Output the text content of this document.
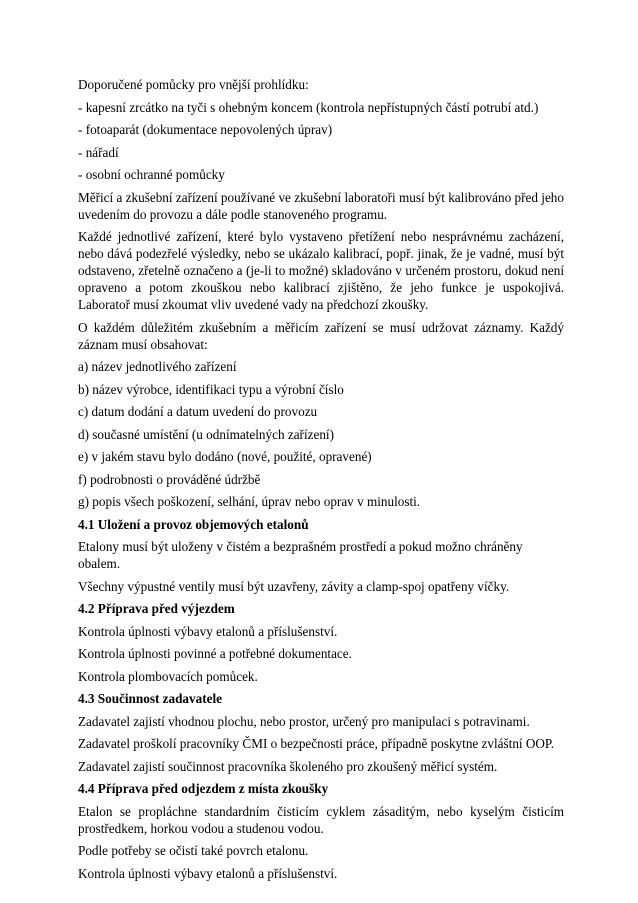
Doporučené pomůcky pro vnější prohlídku:

- kapesní zrcátko na tyči s ohebným koncem (kontrola nepřístupných částí potrubí atd.)

- fotoaparát (dokumentace nepovolených úprav)

- nářadí

- osobní ochranné pomůcky

Měřicí a zkušební zařízení používané ve zkušební laboratoři musí být kalibrováno před jeho uvedením do provozu a dále podle stanoveného programu.

Každé jednotlivé zařízení, které bylo vystaveno přetížení nebo nesprávnému zacházení, nebo dává podezřelé výsledky, nebo se ukázalo kalibrací, popř. jinak, že je vadné, musí být odstaveno, zřetelně označeno a (je-li to možné) skladováno v určeném prostoru, dokud není opraveno a potom zkouškou nebo kalibrací zjištěno, že jeho funkce je uspokojivá. Laboratoř musí zkoumat vliv uvedené vady na předchozí zkoušky.

O každém důležitém zkušebním a měřicím zařízení se musí udržovat záznamy. Každý záznam musí obsahovat:

a) název jednotlivého zařízení

b) název výrobce, identifikaci typu a výrobní číslo

c) datum dodání a datum uvedení do provozu

d) současné umístění (u odnímatelných zařízení)

e) v jakém stavu bylo dodáno (nové, použité, opravené)

f) podrobnosti o prováděné údržbě

g) popis všech poškození, selhání, úprav nebo oprav v minulosti.

4.1 Uložení a provoz objemových etalonů

Etalony musí být uloženy v čistém a bezprašném prostředí a pokud možno chráněny obalem.

Všechny výpustné ventily musí být uzavřeny, závity a clamp-spoj opatřeny víčky.

4.2 Příprava před výjezdem

Kontrola úplnosti výbavy etalonů a příslušenství.

Kontrola úplnosti povinné a potřebné dokumentace.

Kontrola plombovacích pomůcek.

4.3 Součinnost zadavatele

Zadavatel zajistí vhodnou plochu, nebo prostor, určený pro manipulaci s potravinami.

Zadavatel proškolí pracovníky ČMI o bezpečnosti práce, případně poskytne zvláštní OOP.

Zadavatel zajistí součinnost pracovníka školeného pro zkoušený měřicí systém.

4.4 Příprava před odjezdem z místa zkoušky

Etalon se propláchne standardním čisticím cyklem zásaditým, nebo kyselým čisticím prostředkem, horkou vodou a studenou vodou.

Podle potřeby se očistí také povrch etalonu.

Kontrola úplnosti výbavy etalonů a příslušenství.
